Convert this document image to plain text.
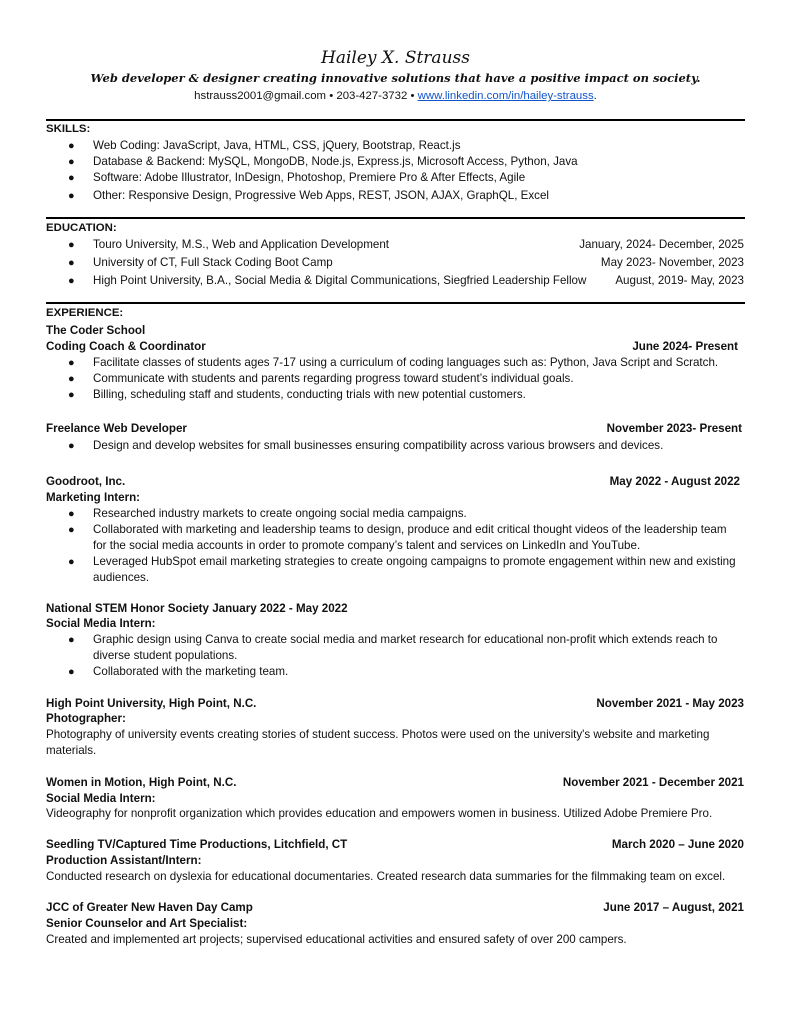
Hailey X. Strauss
Web developer & designer creating innovative solutions that have a positive impact on society.
hstrauss2001@gmail.com • 203-427-3732 • www.linkedin.com/in/hailey-strauss.
SKILLS:
● Web Coding: JavaScript, Java, HTML, CSS, jQuery, Bootstrap, React.js
● Database & Backend: MySQL, MongoDB, Node.js, Express.js, Microsoft Access, Python, Java
● Software: Adobe Illustrator, InDesign, Photoshop, Premiere Pro & After Effects, Agile
● Other: Responsive Design, Progressive Web Apps, REST, JSON, AJAX, GraphQL, Excel
EDUCATION:
● Touro University, M.S., Web and Application Development	January, 2024- December, 2025
● University of CT, Full Stack Coding Boot Camp	May 2023- November, 2023
● High Point University, B.A., Social Media & Digital Communications, Siegfried Leadership Fellow	August, 2019- May, 2023
EXPERIENCE:
The Coder School
Coding Coach & Coordinator	June 2024- Present
● Facilitate classes of students ages 7-17 using a curriculum of coding languages such as: Python, Java Script and Scratch.
● Communicate with students and parents regarding progress toward student’s individual goals.
● Billing, scheduling staff and students, conducting trials with new potential customers.
Freelance Web Developer	November 2023- Present
● Design and develop websites for small businesses ensuring compatibility across various browsers and devices.
Goodroot, Inc.	May 2022 - August 2022
Marketing Intern:
● Researched industry markets to create ongoing social media campaigns.
● Collaborated with marketing and leadership teams to design, produce and edit critical thought videos of the leadership team for the social media accounts in order to promote company’s talent and services on LinkedIn and YouTube.
● Leveraged HubSpot email marketing strategies to create ongoing campaigns to promote engagement within new and existing audiences.
National STEM Honor Society January 2022 - May 2022
Social Media Intern:
● Graphic design using Canva to create social media and market research for educational non-profit which extends reach to diverse student populations.
● Collaborated with the marketing team.
High Point University, High Point, N.C.	November 2021 - May 2023
Photographer:
Photography of university events creating stories of student success. Photos were used on the university's website and marketing materials.
Women in Motion, High Point, N.C.	November 2021 - December 2021
Social Media Intern:
Videography for nonprofit organization which provides education and empowers women in business. Utilized Adobe Premiere Pro.
Seedling TV/Captured Time Productions, Litchfield, CT	March 2020 – June 2020
Production Assistant/Intern:
Conducted research on dyslexia for educational documentaries. Created research data summaries for the filmmaking team on excel.
JCC of Greater New Haven Day Camp	June 2017 – August, 2021
Senior Counselor and Art Specialist:
Created and implemented art projects; supervised educational activities and ensured safety of over 200 campers.
